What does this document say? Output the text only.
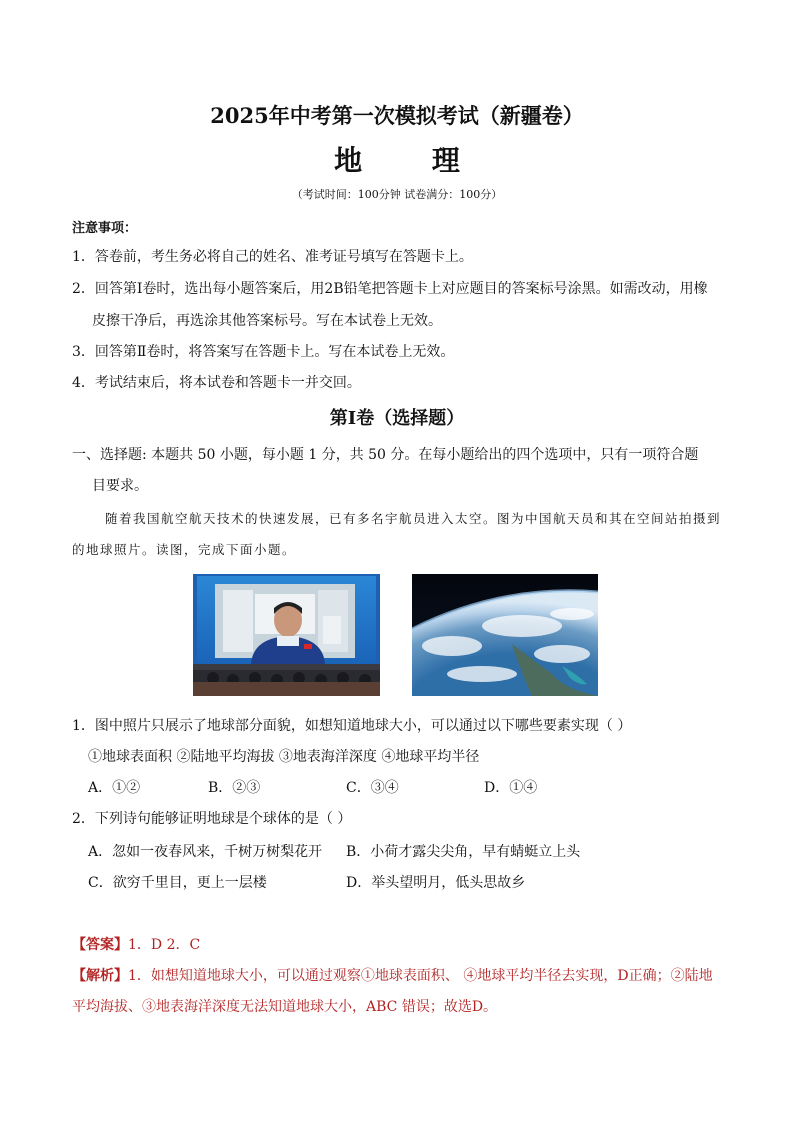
2025年中考第一次模拟考试（新疆卷）
地 理
（考试时间：100分钟 试卷满分：100分）
注意事项：
1．答卷前，考生务必将自己的姓名、准考证号填写在答题卡上。
2．回答第Ⅰ卷时，选出每小题答案后，用2B铅笔把答题卡上对应题目的答案标号涂黑。如需改动，用橡
皮擦干净后，再选涂其他答案标号。写在本试卷上无效。
3．回答第Ⅱ卷时，将答案写在答题卡上。写在本试卷上无效。
4．考试结束后，将本试卷和答题卡一并交回。
第Ⅰ卷（选择题）
一、选择题: 本题共 50 小题，每小题 1 分，共 50 分。在每小题给出的四个选项中，只有一项符合题
目要求。
随着我国航空航天技术的快速发展，已有多名宇航员进入太空。图为中国航天员和其在空间站拍摄到
的地球照片。读图，完成下面小题。
1．图中照片只展示了地球部分面貌，如想知道地球大小，可以通过以下哪些要素实现（ ）
①地球表面积 ②陆地平均海拔 ③地表海洋深度 ④地球平均半径
A．①②	B．②③	C．③④	D．①④
2．下列诗句能够证明地球是个球体的是（ ）
A．忽如一夜春风来，千树万树梨花开 B．小荷才露尖尖角，早有蜻蜓立上头
C．欲穷千里目，更上一层楼	D．举头望明月，低头思故乡
【答案】1．D 2．C
【解析】1．如想知道地球大小，可以通过观察①地球表面积、 ④地球平均半径去实现，D正确；②陆地
平均海拔、③地表海洋深度无法知道地球大小，ABC 错误；故选D。
